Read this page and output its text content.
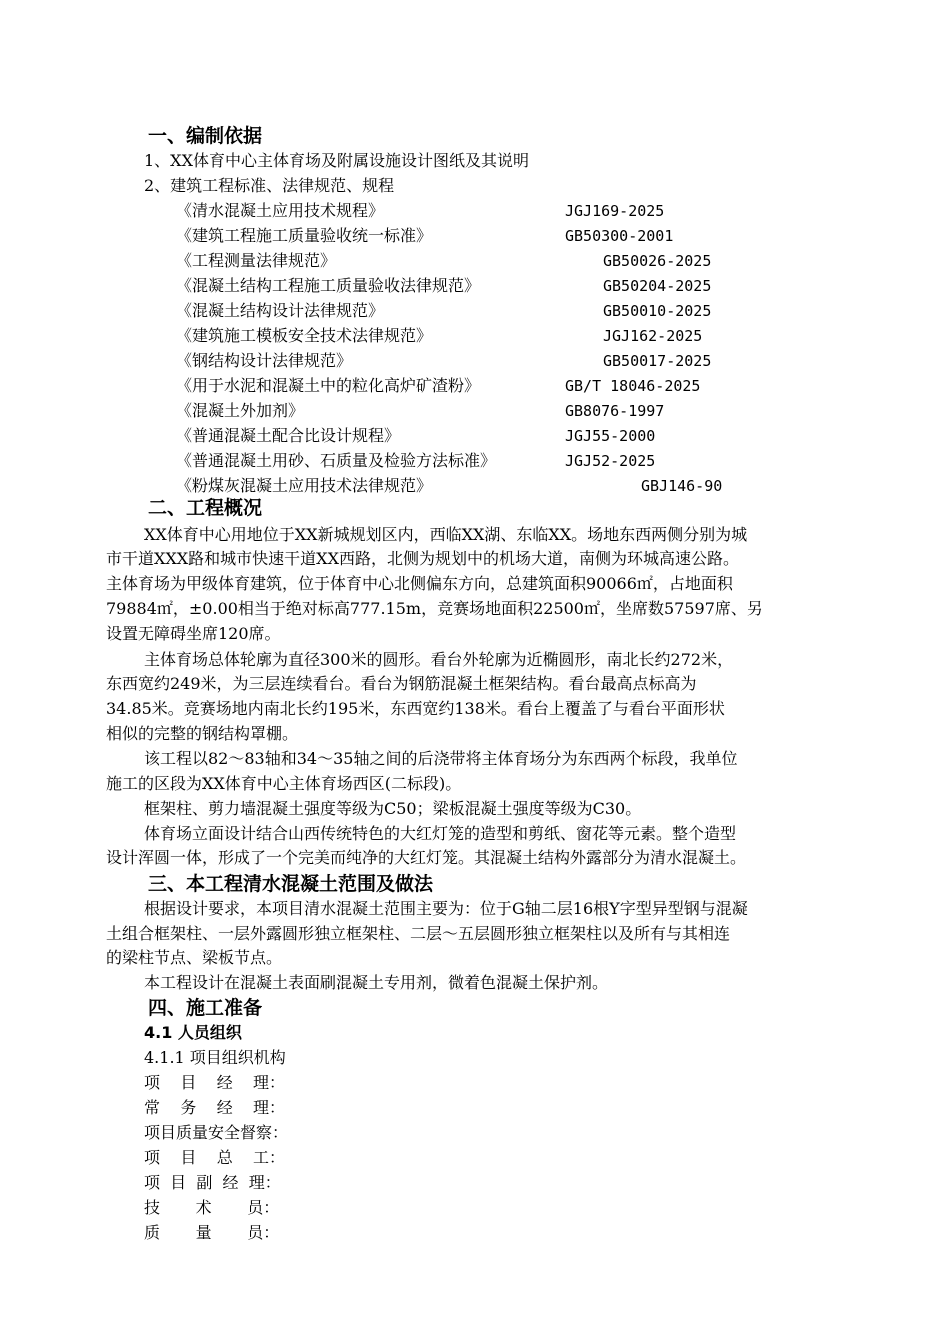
一、编制依据
1、XX体育中心主体育场及附属设施设计图纸及其说明
2、建筑工程标准、法律规范、规程
《清水混凝土应用技术规程》	JGJ169-2025
《建筑工程施工质量验收统一标准》	GB50300-2001
《工程测量法律规范》	GB50026-2025
《混凝土结构工程施工质量验收法律规范》	GB50204-2025
《混凝土结构设计法律规范》	GB50010-2025
《建筑施工模板安全技术法律规范》	JGJ162-2025
《钢结构设计法律规范》	GB50017-2025
《用于水泥和混凝土中的粒化高炉矿渣粉》	GB/T 18046-2025
《混凝土外加剂》	GB8076-1997
《普通混凝土配合比设计规程》	JGJ55-2000
《普通混凝土用砂、石质量及检验方法标准》	JGJ52-2025
《粉煤灰混凝土应用技术法律规范》	GBJ146-90
二、工程概况
XX体育中心用地位于XX新城规划区内，西临XX湖、东临XX。场地东西两侧分别为城
市干道XXX路和城市快速干道XX西路，北侧为规划中的机场大道，南侧为环城高速公路。
主体育场为甲级体育建筑，位于体育中心北侧偏东方向，总建筑面积90066㎡，占地面积
79884㎡，±0.00相当于绝对标高777.15m，竞赛场地面积22500㎡，坐席数57597席、另
设置无障碍坐席120席。
主体育场总体轮廓为直径300米的圆形。看台外轮廓为近椭圆形，南北长约272米，
东西宽约249米，为三层连续看台。看台为钢筋混凝土框架结构。看台最高点标高为
34.85米。竞赛场地内南北长约195米，东西宽约138米。看台上覆盖了与看台平面形状
相似的完整的钢结构罩棚。
该工程以82～83轴和34～35轴之间的后浇带将主体育场分为东西两个标段，我单位
施工的区段为XX体育中心主体育场西区(二标段)。
框架柱、剪力墙混凝土强度等级为C50；梁板混凝土强度等级为C30。
体育场立面设计结合山西传统特色的大红灯笼的造型和剪纸、窗花等元素。整个造型
设计浑圆一体，形成了一个完美而纯净的大红灯笼。其混凝土结构外露部分为清水混凝土。
三、本工程清水混凝土范围及做法
根据设计要求，本项目清水混凝土范围主要为：位于G轴二层16根Y字型异型钢与混凝
土组合框架柱、一层外露圆形独立框架柱、二层～五层圆形独立框架柱以及所有与其相连
的梁柱节点、梁板节点。
本工程设计在混凝土表面刷混凝土专用剂，微着色混凝土保护剂。
四、施工准备
4.1 人员组织
4.1.1 项目组织机构
项    目    经    理：
常    务    经    理：
项目质量安全督察：
项    目    总    工：
项  目  副  经  理：
技       术       员：
质       量       员：
